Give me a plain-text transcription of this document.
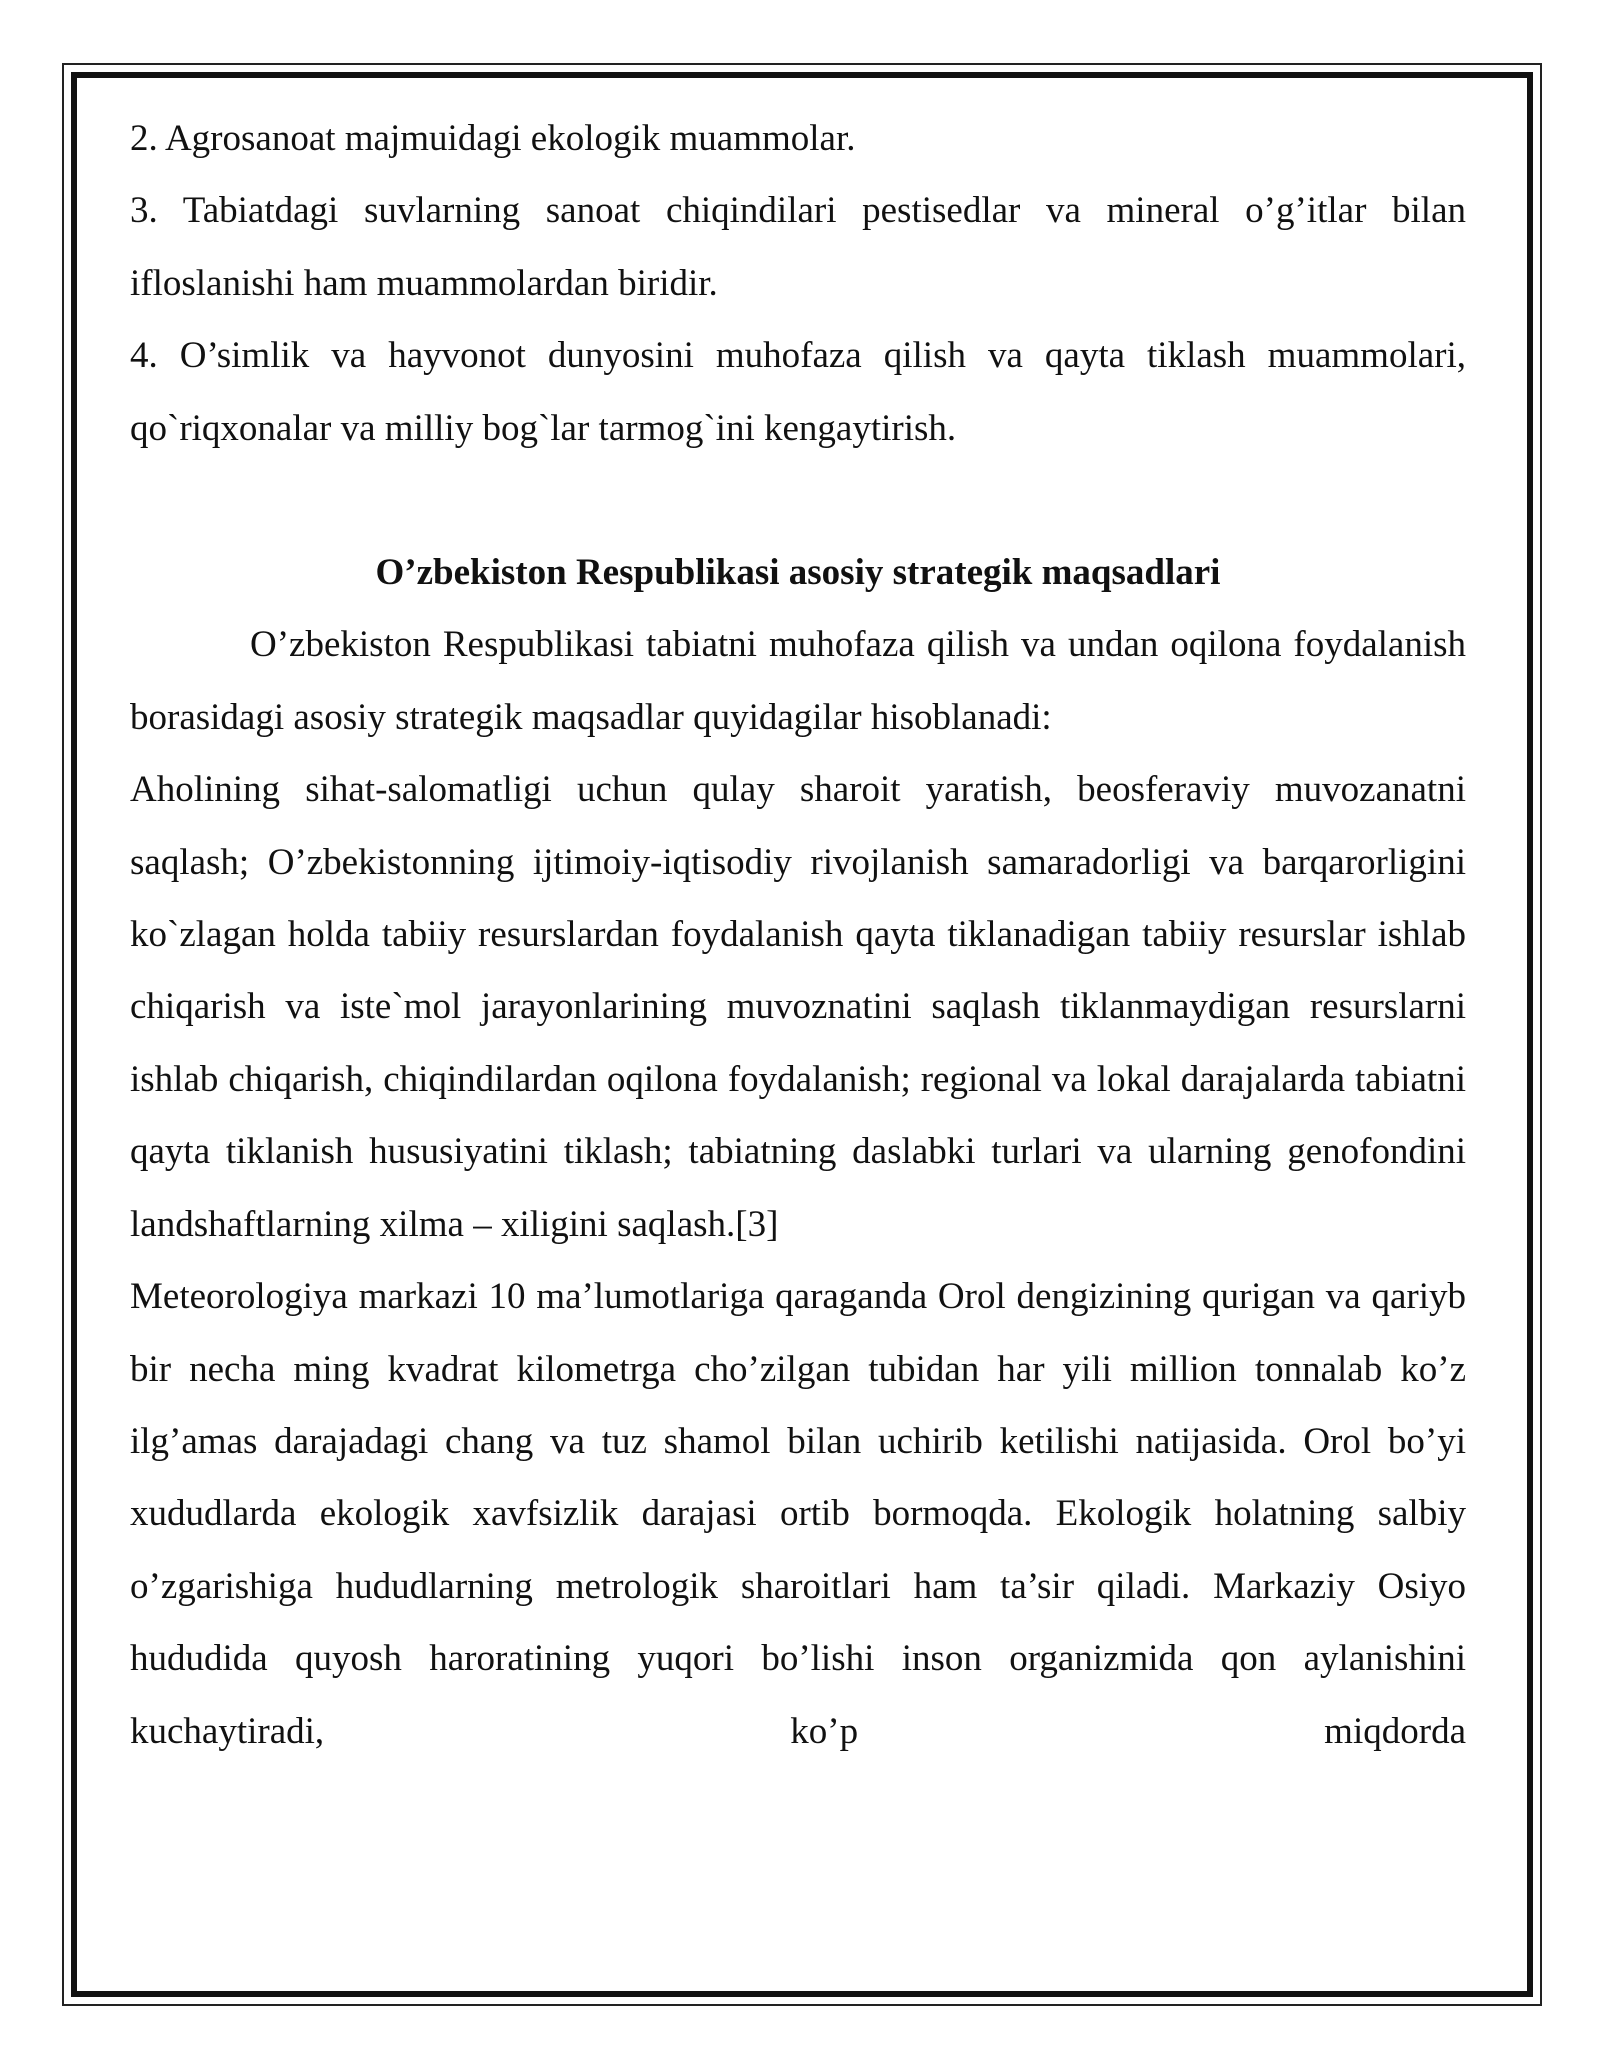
2. Agrosanoat majmuidagi ekologik muammolar.

3. Tabiatdagi suvlarning sanoat chiqindilari pestisedlar va mineral o’g’itlar bilan ifloslanishi ham muammolardan biridir.

4. O’simlik va hayvonot dunyosini muhofaza qilish va qayta tiklash muammolari, qo`riqxonalar va milliy bog`lar tarmog`ini kengaytirish.

O’zbekiston Respublikasi asosiy strategik maqsadlari

O’zbekiston Respublikasi tabiatni muhofaza qilish va undan oqilona foydalanish borasidagi asosiy strategik maqsadlar quyidagilar hisoblanadi:

Aholining sihat-salomatligi uchun qulay sharoit yaratish, beosferaviy muvozanatni saqlash; O’zbekistonning ijtimoiy-iqtisodiy rivojlanish samaradorligi va barqarorligini ko`zlagan holda tabiiy resurslardan foydalanish qayta tiklanadigan tabiiy resurslar ishlab chiqarish va iste`mol jarayonlarining muvoznatini saqlash tiklanmaydigan resurslarni ishlab chiqarish, chiqindilardan oqilona foydalanish; regional va lokal darajalarda tabiatni qayta tiklanish hususiyatini tiklash; tabiatning daslabki turlari va ularning genofondini landshaftlarning xilma – xiligini saqlash.[3]

Meteorologiya markazi 10 ma’lumotlariga qaraganda Orol dengizining qurigan va qariyb bir necha ming kvadrat kilometrga cho’zilgan tubidan har yili million tonnalab ko’z ilg’amas darajadagi chang va tuz shamol bilan uchirib ketilishi natijasida. Orol bo’yi xududlarda ekologik xavfsizlik darajasi ortib bormoqda. Ekologik holatning salbiy o’zgarishiga hududlarning metrologik sharoitlari ham ta’sir qiladi. Markaziy Osiyo hududida quyosh haroratining yuqori bo’lishi inson organizmida qon aylanishini kuchaytiradi, ko’p miqdorda
